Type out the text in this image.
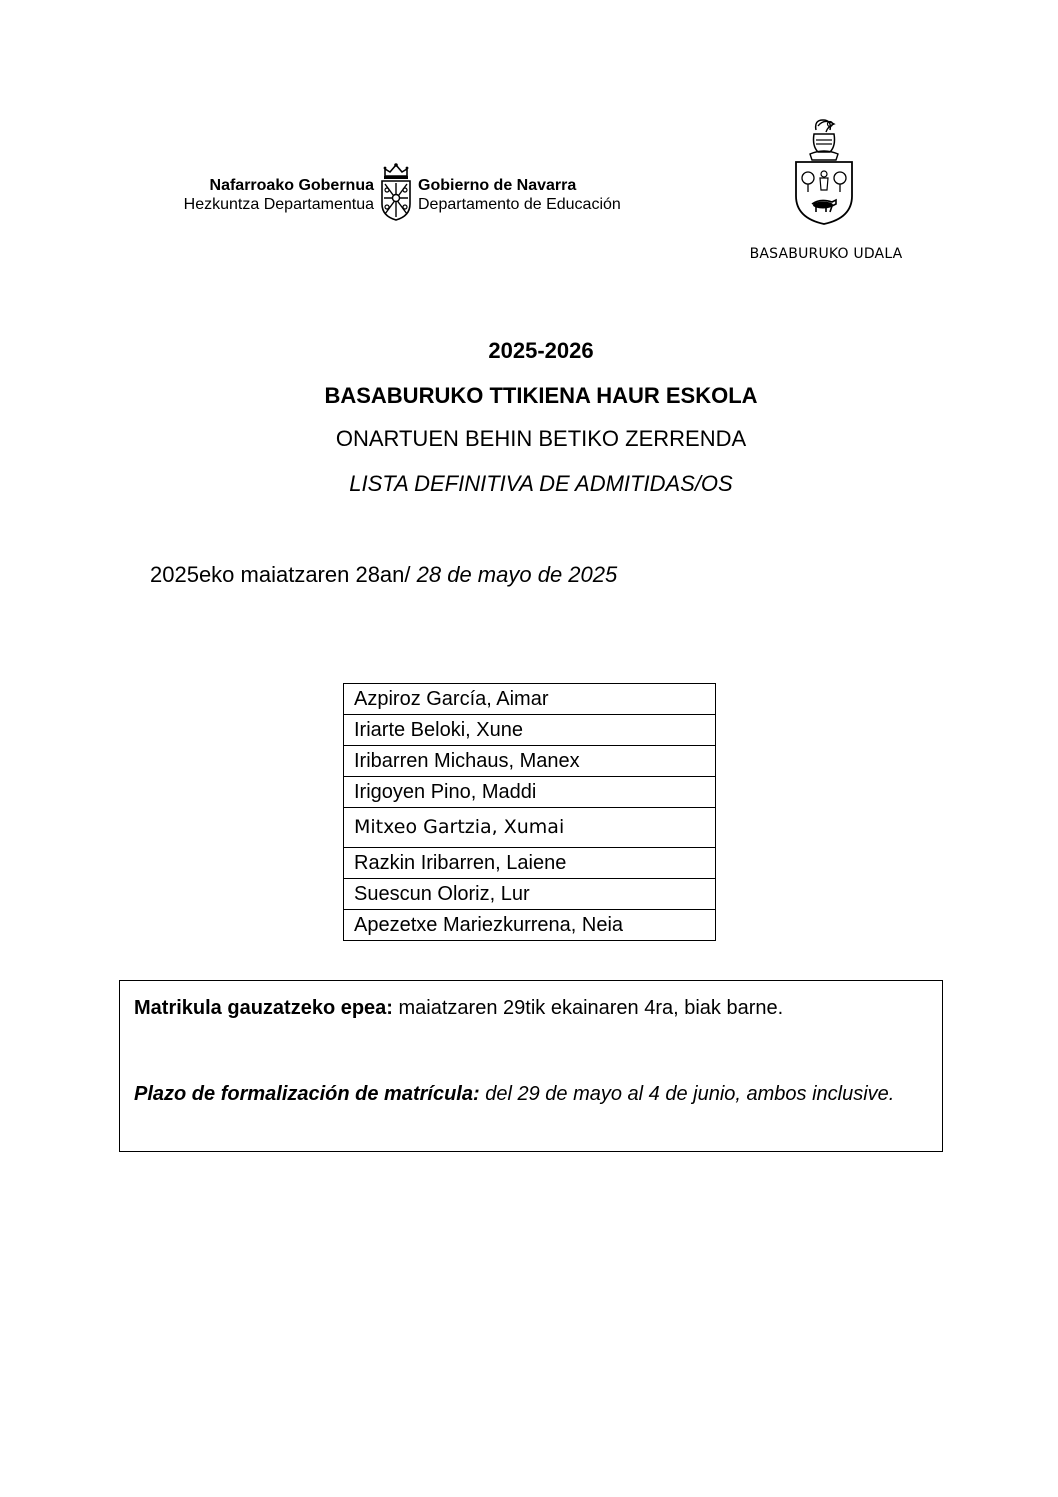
Nafarroako Gobernua
Hezkuntza Departamentua
Gobierno de Navarra
Departamento de Educación
BASABURUKO UDALA
2025-2026
BASABURUKO TTIKIENA HAUR ESKOLA
ONARTUEN BEHIN BETIKO ZERRENDA
LISTA DEFINITIVA DE ADMITIDAS/OS
2025eko maiatzaren 28an/ 28 de mayo de 2025
Azpiroz García, Aimar
Iriarte Beloki, Xune
Iribarren Michaus, Manex
Irigoyen Pino, Maddi
Mitxeo Gartzia, Xumai
Razkin Iribarren, Laiene
Suescun Oloriz, Lur
Apezetxe Mariezkurrena, Neia
Matrikula gauzatzeko epea: maiatzaren 29tik ekainaren 4ra, biak barne.
Plazo de formalización de matrícula: del 29 de mayo al 4 de junio, ambos inclusive.
